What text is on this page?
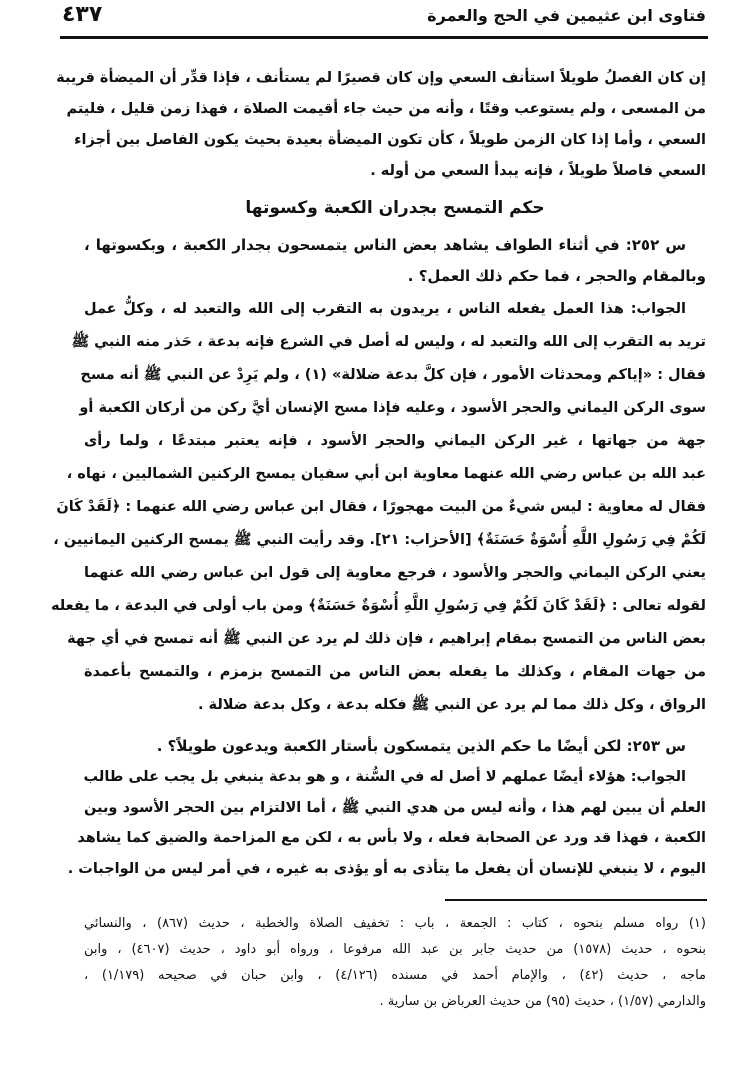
فتاوى ابن عثيمين في الحج والعمرة
٤٣٧
إن كان الفصلُ طويلاً استأنف السعي وإن كان قصيرًا لم يستأنف ، فإذا قدِّر أن الميضأة قريبة
من المسعى ، ولم يستوعب وقتًا ، وأنه من حيث جاء أقيمت الصلاة ، فهذا زمن قليل ، فليتم
السعي ، وأما إذا كان الزمن طويلاً ، كأن تكون الميضأة بعيدة بحيث يكون الفاصل بين أجزاء
السعي فاصلاً طويلاً ، فإنه يبدأ السعي من أوله .
حكم التمسح بجدران الكعبة وكسوتها
س ٢٥٢: في أثناء الطواف يشاهد بعض الناس يتمسحون بجدار الكعبة ، وبكسوتها ،
وبالمقام والحجر ، فما حكم ذلك العمل؟ .
الجواب: هذا العمل يفعله الناس ، يريدون به التقرب إلى الله والتعبد له ، وكلُّ عمل
تريد به التقرب إلى الله والتعبد له ، وليس له أصل في الشرع فإنه بدعة ، حَذر منه النبي ﷺ
فقال : «إياكم ومحدثات الأمور ، فإن كلَّ بدعة ضلالة» (١) ، ولم يَرِدْ عن النبي ﷺ أنه مسح
سوى الركن اليماني والحجر الأسود ، وعليه فإذا مسح الإنسان أيَّ ركن من أركان الكعبة أو
جهة من جهاتها ، غير الركن اليماني والحجر الأسود ، فإنه يعتبر مبتدعًا ، ولما رأى
عبد الله بن عباس رضي الله عنهما معاوية ابن أبي سفيان يمسح الركنين الشماليين ، نهاه ،
فقال له معاوية : ليس شيءٌ من البيت مهجورًا ، فقال ابن عباس رضي الله عنهما : ﴿لَقَدْ كَانَ
لَكُمْ فِي رَسُولِ اللَّهِ أُسْوَةٌ حَسَنَةٌ﴾ [الأحزاب: ٢١]. وقد رأيت النبي ﷺ يمسح الركنين اليمانيين ،
يعني الركن اليماني والحجر والأسود ، فرجع معاوية إلى قول ابن عباس رضي الله عنهما
لقوله تعالى : ﴿لَقَدْ كَانَ لَكُمْ فِي رَسُولِ اللَّهِ أُسْوَةٌ حَسَنَةٌ﴾ ومن باب أولى في البدعة ، ما يفعله
بعض الناس من التمسح بمقام إبراهيم ، فإن ذلك لم يرد عن النبي ﷺ أنه تمسح في أي جهة
من جهات المقام ، وكذلك ما يفعله بعض الناس من التمسح بزمزم ، والتمسح بأعمدة
الرواق ، وكل ذلك مما لم يرد عن النبي ﷺ فكله بدعة ، وكل بدعة ضلالة .
س ٢٥٣: لكن أيضًا ما حكم الذين يتمسكون بأستار الكعبة ويدعون طويلاً؟ .
الجواب: هؤلاء أيضًا عملهم لا أصل له في السُّنة ، و هو بدعة ينبغي بل يجب على طالب
العلم أن يبين لهم هذا ، وأنه ليس من هدي النبي ﷺ ، أما الالتزام بين الحجر الأسود وبين
الكعبة ، فهذا قد ورد عن الصحابة فعله ، ولا بأس به ، لكن مع المزاحمة والضيق كما يشاهد
اليوم ، لا ينبغي للإنسان أن يفعل ما يتأذى به أو يؤذى به غيره ، في أمر ليس من الواجبات .
(١) رواه مسلم بنحوه ، كتاب : الجمعة ، باب : تخفيف الصلاة والخطبة ، حديث (٨٦٧) ، والنسائي
بنحوه ، حديث (١٥٧٨) من حديث جابر بن عبد الله مرفوعا ، ورواه أبو داود ، حديث (٤٦٠٧) ، وابن
ماجه ، حديث (٤٢) ، والإمام أحمد في مسنده (٤/١٢٦) ، وابن حبان في صحيحه (١/١٧٩) ،
والدارمي (١/٥٧) ، حديث (٩٥) من حديث العرباض بن سارية .
